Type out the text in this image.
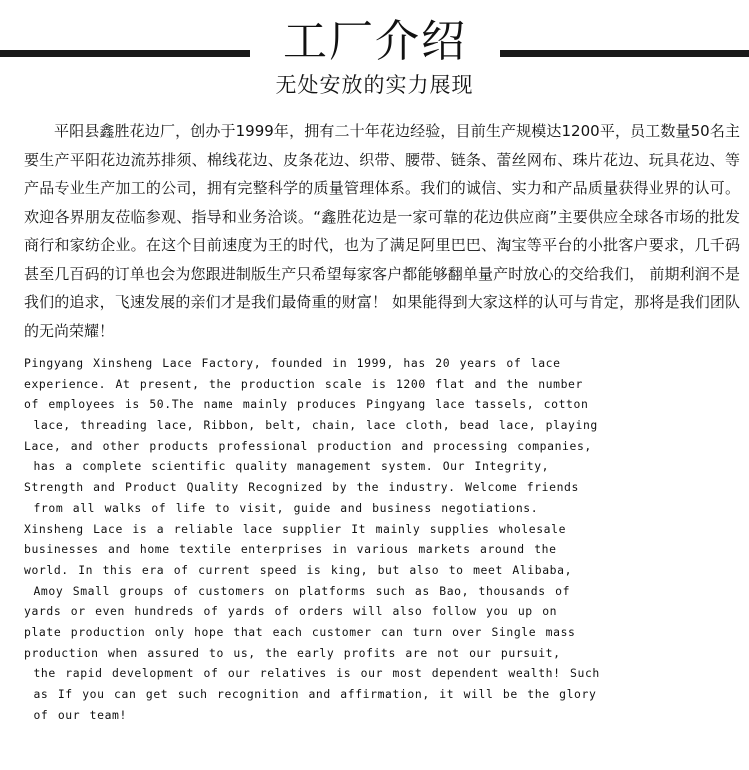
工厂介绍
无处安放的实力展现

平阳县鑫胜花边厂，创办于1999年，拥有二十年花边经验，目前生产规模达1200平，员工数量50名主要生产平阳花边流苏排须、棉线花边、皮条花边、织带、腰带、链条、蕾丝网布、珠片花边、玩具花边、等产品专业生产加工的公司，拥有完整科学的质量管理体系。我们的诚信、实力和产品质量获得业界的认可。欢迎各界朋友莅临参观、指导和业务洽谈。“鑫胜花边是一家可靠的花边供应商”主要供应全球各市场的批发商行和家纺企业。在这个目前速度为王的时代，也为了满足阿里巴巴、淘宝等平台的小批客户要求，几千码甚至几百码的订单也会为您跟进制版生产只希望每家客户都能够翻单量产时放心的交给我们， 前期利润不是我们的追求，飞速发展的亲们才是我们最倚重的财富！ 如果能得到大家这样的认可与肯定，那将是我们团队的无尚荣耀！

Pingyang Xinsheng Lace Factory, founded in 1999, has 20 years of lace
experience. At present, the production scale is 1200 flat and the number
of employees is 50.The name mainly produces Pingyang lace tassels, cotton
lace, threading lace, Ribbon, belt, chain, lace cloth, bead lace, playing
Lace, and other products professional production and processing companies,
has a complete scientific quality management system. Our Integrity,
Strength and Product Quality Recognized by the industry. Welcome friends
from all walks of life to visit, guide and business negotiations.
Xinsheng Lace is a reliable lace supplier It mainly supplies wholesale
businesses and home textile enterprises in various markets around the
world. In this era of current speed is king, but also to meet Alibaba,
Amoy Small groups of customers on platforms such as Bao, thousands of
yards or even hundreds of yards of orders will also follow you up on
plate production only hope that each customer can turn over Single mass
production when assured to us, the early profits are not our pursuit,
the rapid development of our relatives is our most dependent wealth! Such
as If you can get such recognition and affirmation, it will be the glory
of our team!
